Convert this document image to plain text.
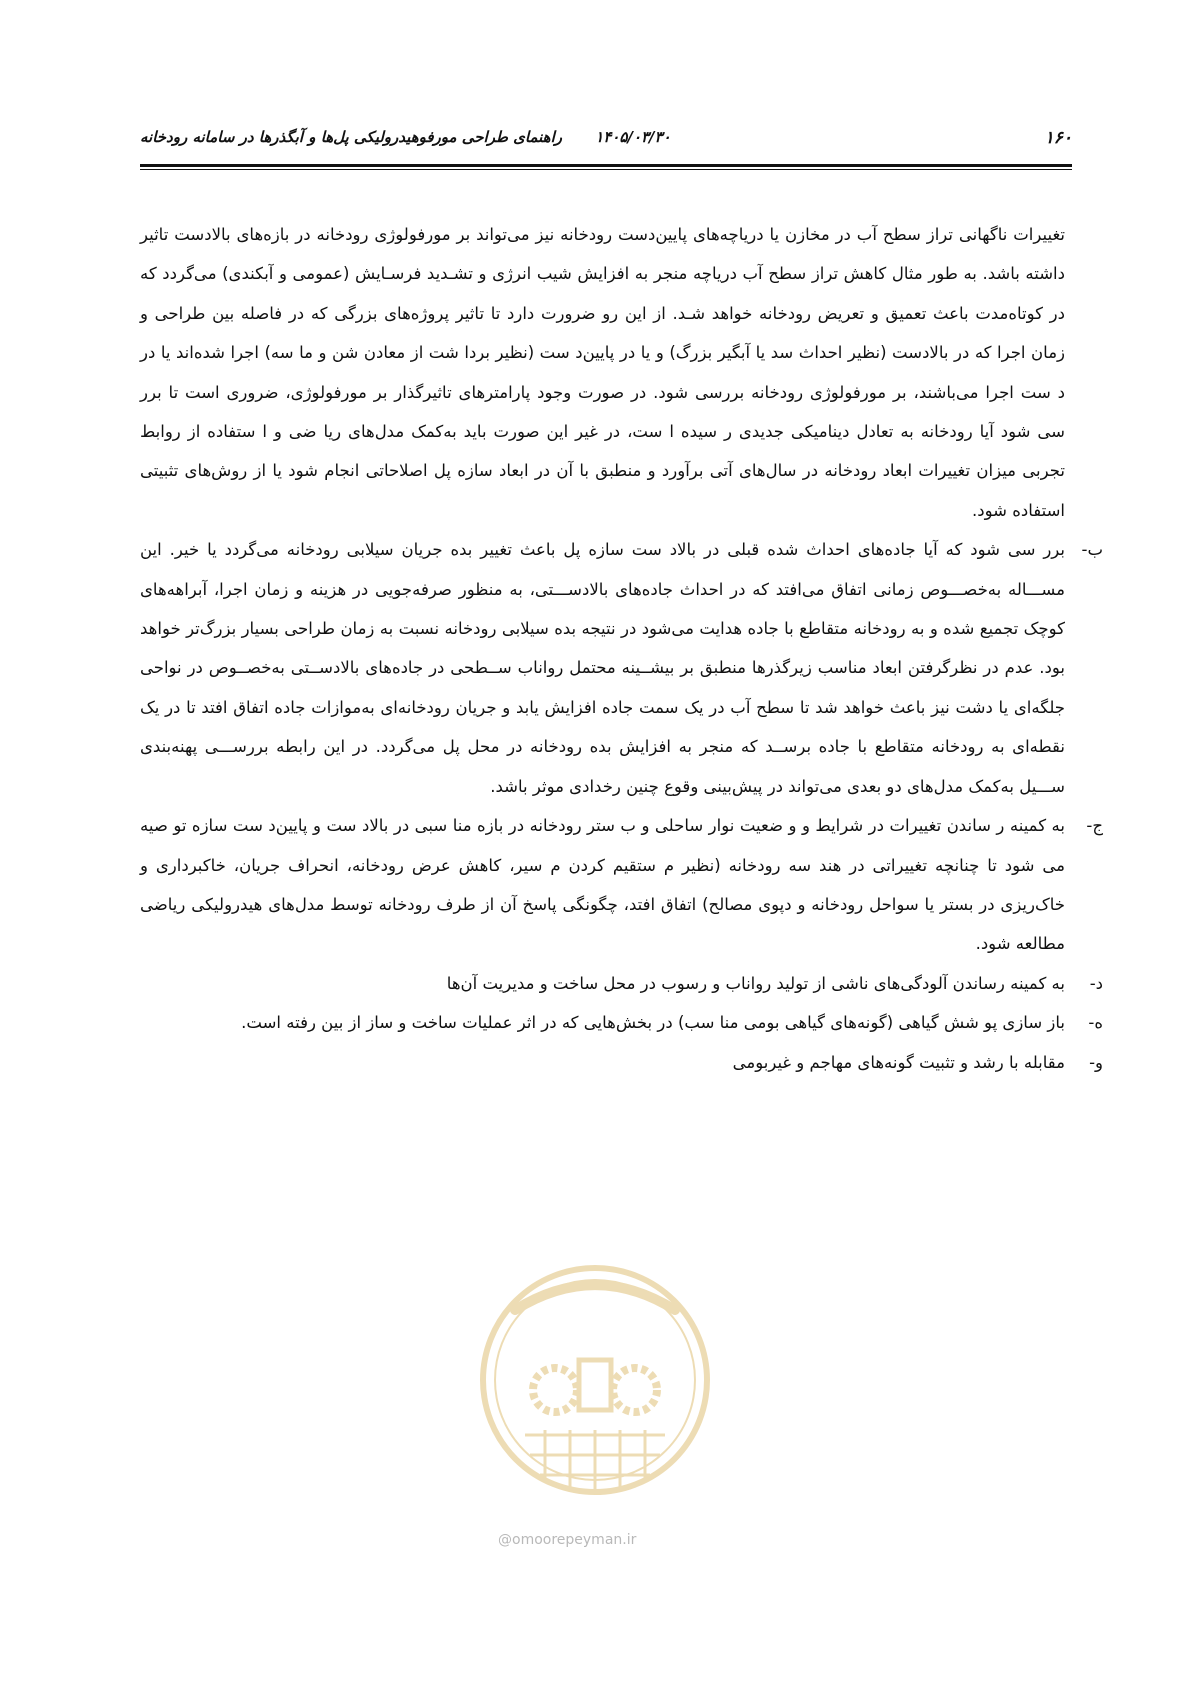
۱۶۰
۱۴۰۵/۰۳/۳۰ راهنمای طراحی مورفوهیدرولیکی پل‌ها و آبگذرها در سامانه رودخانه

تغییرات ناگهانی تراز سطح آب در مخازن یا دریاچه‌های پایین‌دست رودخانه نیز می‌تواند بر مورفولوژی رودخانه در بازه‌های بالادست تاثیر داشته باشد. به طور مثال کاهش تراز سطح آب دریاچه منجر به افزایش شیب انرژی و تشـدید فرسـایش (عمومی و آبکندی) می‌گردد که در کوتاه‌مدت باعث تعمیق و تعریض رودخانه خواهد شـد. از این رو ضرورت دارد تا تاثیر پروژه‌های بزرگی که در فاصله بین طراحی و زمان اجرا که در بالادست (نظیر احداث سد یا آبگیر بزرگ) و یا در پایین‌د ست (نظیر بردا شت از معادن شن و ما سه) اجرا شده‌اند یا در د ست اجرا می‌باشند، بر مورفولوژی رودخانه بررسی شود. در صورت وجود پارامترهای تاثیرگذار بر مورفولوژی، ضروری است تا برر سی شود آیا رودخانه به تعادل دینامیکی جدیدی ر سیده ا ست، در غیر این صورت باید به‌کمک مدل‌های ریا ضی و ا ستفاده از روابط تجربی میزان تغییرات ابعاد رودخانه در سال‌های آتی برآورد و منطبق با آن در ابعاد سازه پل اصلاحاتی انجام شود یا از روش‌های تثبیتی استفاده شود.

ب-
برر سی شود که آیا جاده‌های احداث شده قبلی در بالاد ست سازه پل باعث تغییر بده جریان سیلابی رودخانه می‌گردد یا خیر. این مســـاله به‌خصـــوص زمانی اتفاق می‌افتد که در احداث جاده‌های بالادســـتی، به منظور صرفه‌جویی در هزینه و زمان اجرا، آبراهه‌های کوچک تجمیع شده و به رودخانه متقاطع با جاده هدایت می‌شود در نتیجه بده سیلابی رودخانه نسبت به زمان طراحی بسیار بزرگ‌تر خواهد بود. عدم در نظرگرفتن ابعاد مناسب زیرگذرها منطبق بر بیشــینه محتمل رواناب ســطحی در جاده‌های بالادســتی به‌خصــوص در نواحی جلگه‌ای یا دشت نیز باعث خواهد شد تا سطح آب در یک سمت جاده افزایش یابد و جریان رودخانه‌ای به‌موازات جاده اتفاق افتد تا در یک نقطه‌ای به رودخانه متقاطع با جاده برســد که منجر به افزایش بده رودخانه در محل پل می‌گردد. در این رابطه بررســـی پهنه‌بندی ســـیل به‌کمک مدل‌های دو بعدی می‌تواند در پیش‌بینی وقوع چنین رخدادی موثر باشد.
ج-
به کمینه ر ساندن تغییرات در شرایط و و ضعیت نوار ساحلی و ب ستر رودخانه در بازه منا سبی در بالاد ست و پایین‌د ست سازه تو صیه می شود تا چنانچه تغییراتی در هند سه رودخانه (نظیر م ستقیم کردن م سیر، کاهش عرض رودخانه، انحراف جریان، خاکبرداری و خاک‌ریزی در بستر یا سواحل رودخانه و دپوی مصالح) اتفاق افتد، چگونگی پاسخ آن از طرف رودخانه توسط مدل‌های هیدرولیکی ریاضی مطالعه شود.
د-
به کمینه رساندن آلودگی‌های ناشی از تولید رواناب و رسوب در محل ساخت و مدیریت آن‌ها
ه-
باز سازی پو شش گیاهی (گونه‌های گیاهی بومی منا سب) در بخش‌هایی که در اثر عملیات ساخت و ساز از بین رفته است.
و-
مقابله با رشد و تثبیت گونه‌های مهاجم و غیربومی
@omoorepeyman.ir
